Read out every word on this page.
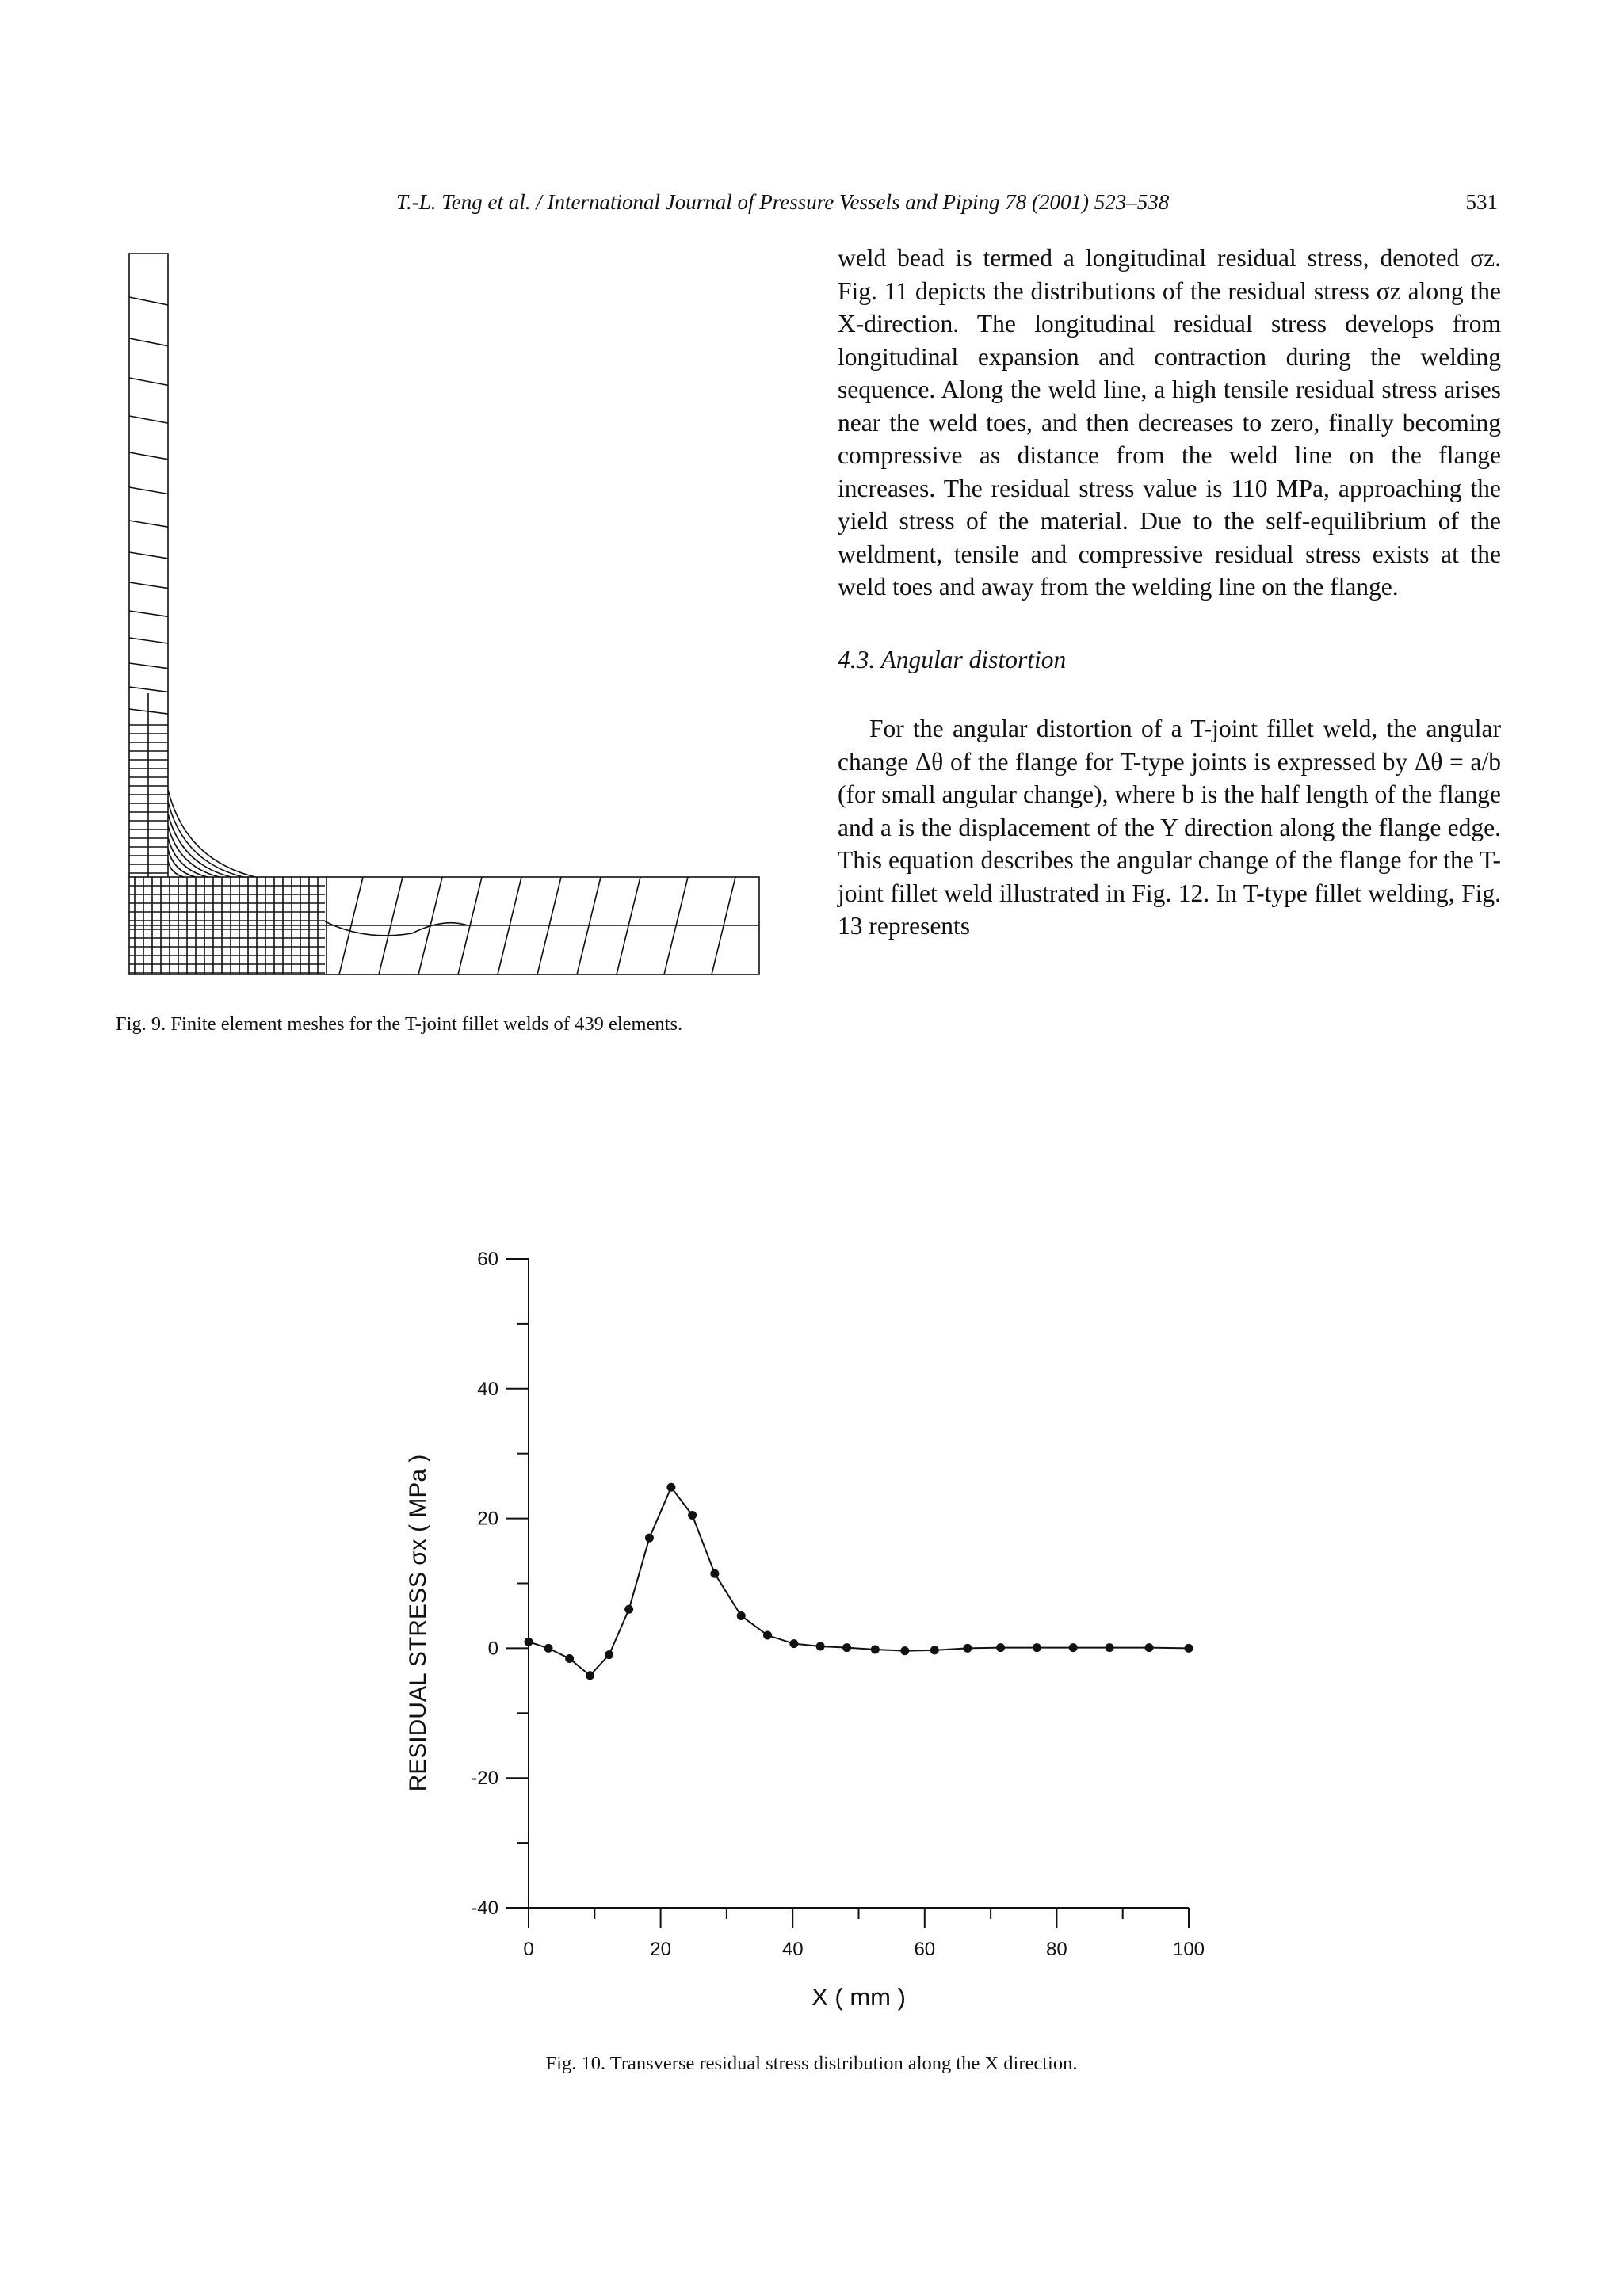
T.-L. Teng et al. / International Journal of Pressure Vessels and Piping 78 (2001) 523–538	531
Fig. 9. Finite element meshes for the T-joint fillet welds of 439 elements.

weld bead is termed a longitudinal residual stress, denoted σz. Fig. 11 depicts the distributions of the residual stress σz along the X-direction. The longitudinal residual stress develops from longitudinal expansion and contraction during the welding sequence. Along the weld line, a high tensile residual stress arises near the weld toes, and then decreases to zero, finally becoming compressive as distance from the weld line on the flange increases. The residual stress value is 110 MPa, approaching the yield stress of the material. Due to the self-equilibrium of the weldment, tensile and compressive residual stress exists at the weld toes and away from the welding line on the flange.

4.3. Angular distortion

For the angular distortion of a T-joint fillet weld, the angular change Δθ of the flange for T-type joints is expressed by Δθ = a/b (for small angular change), where b is the half length of the flange and a is the displacement of the Y direction along the flange edge. This equation describes the angular change of the flange for the T-joint fillet weld illustrated in Fig. 12. In T-type fillet welding, Fig. 13 represents

-40
-20
0
20
40
60
0	20	40	60	80	100
X ( mm )
RESIDUAL STRESS σx ( MPa )
Fig. 10. Transverse residual stress distribution along the X direction.
